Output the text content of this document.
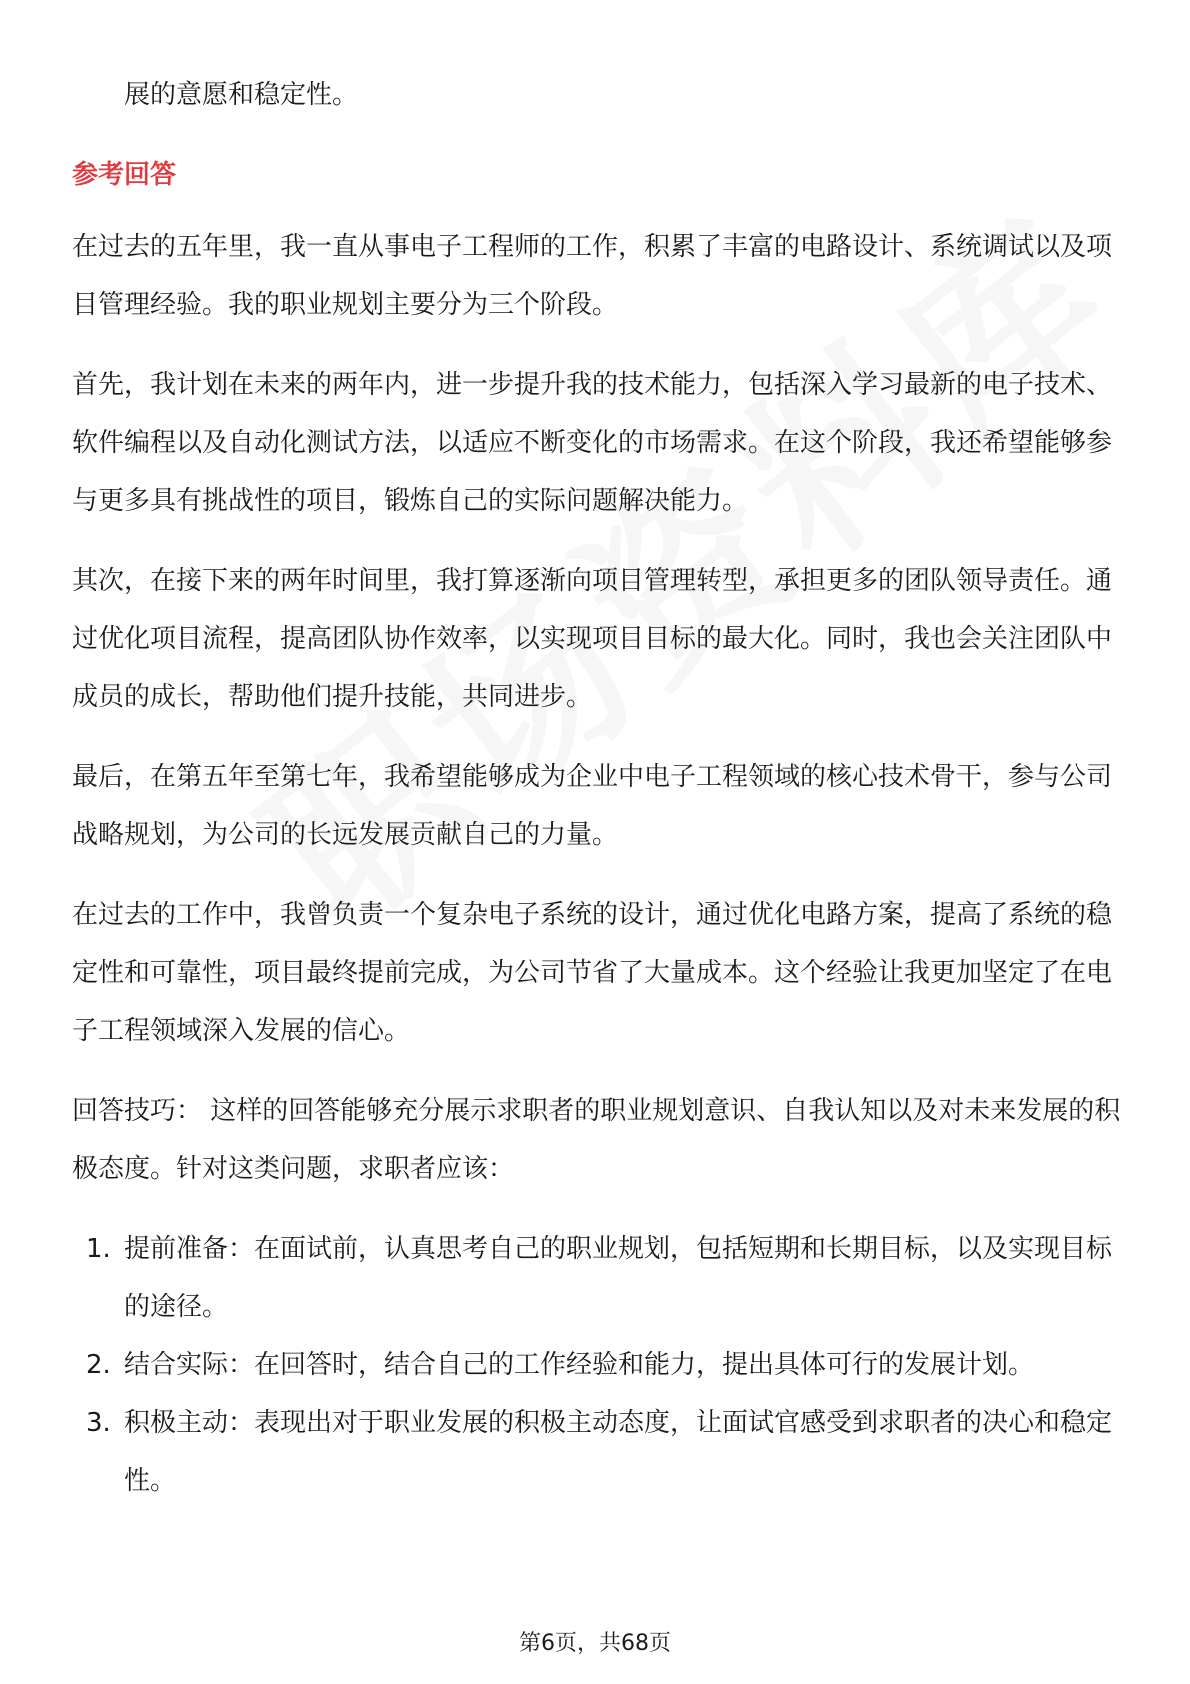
展的意愿和稳定性。

参考回答

在过去的五年里，我一直从事电子工程师的工作，积累了丰富的电路设计、系统调试以及项目管理经验。我的职业规划主要分为三个阶段。

首先，我计划在未来的两年内，进一步提升我的技术能力，包括深入学习最新的电子技术、软件编程以及自动化测试方法，以适应不断变化的市场需求。在这个阶段，我还希望能够参与更多具有挑战性的项目，锻炼自己的实际问题解决能力。

其次，在接下来的两年时间里，我打算逐渐向项目管理转型，承担更多的团队领导责任。通过优化项目流程，提高团队协作效率，以实现项目目标的最大化。同时，我也会关注团队中成员的成长，帮助他们提升技能，共同进步。

最后，在第五年至第七年，我希望能够成为企业中电子工程领域的核心技术骨干，参与公司战略规划，为公司的长远发展贡献自己的力量。

在过去的工作中，我曾负责一个复杂电子系统的设计，通过优化电路方案，提高了系统的稳定性和可靠性，项目最终提前完成，为公司节省了大量成本。这个经验让我更加坚定了在电子工程领域深入发展的信心。

回答技巧： 这样的回答能够充分展示求职者的职业规划意识、自我认知以及对未来发展的积极态度。针对这类问题，求职者应该：

1. 提前准备：在面试前，认真思考自己的职业规划，包括短期和长期目标，以及实现目标的途径。
2. 结合实际：在回答时，结合自己的工作经验和能力，提出具体可行的发展计划。
3. 积极主动：表现出对于职业发展的积极主动态度，让面试官感受到求职者的决心和稳定性。
第6页，共68页
